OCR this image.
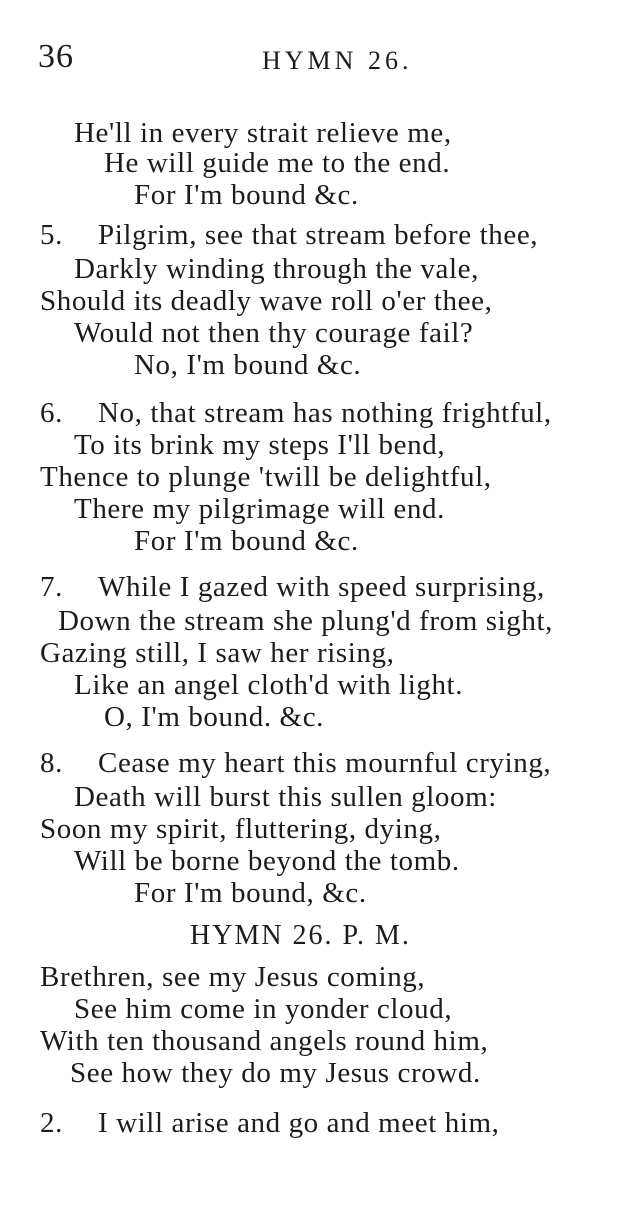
36	HYMN 26.
He'll in every strait relieve me,
He will guide me to the end.
For I'm bound &c.
5. Pilgrim, see that stream before thee,
Darkly winding through the vale,
Should its deadly wave roll o'er thee,
Would not then thy courage fail?
No, I'm bound &c.
6. No, that stream has nothing frightful,
To its brink my steps I'll bend,
Thence to plunge 'twill be delightful,
There my pilgrimage will end.
For I'm bound &c.
7. While I gazed with speed surprising,
Down the stream she plung'd from sight,
Gazing still, I saw her rising,
Like an angel cloth'd with light.
O, I'm bound. &c.
8. Cease my heart this mournful crying,
Death will burst this sullen gloom:
Soon my spirit, fluttering, dying,
Will be borne beyond the tomb.
For I'm bound, &c.
HYMN 26. P. M.
Brethren, see my Jesus coming,
See him come in yonder cloud,
With ten thousand angels round him,
See how they do my Jesus crowd.
2. I will arise and go and meet him,
